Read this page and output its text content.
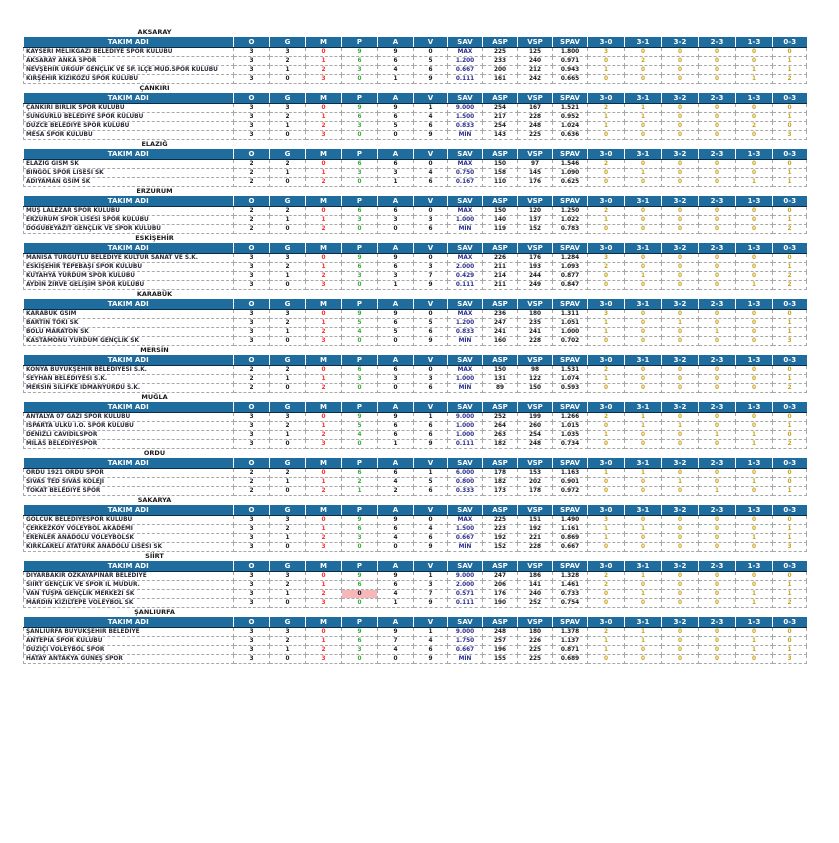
AKSARAY
TAKIM ADI	O	G	M	P	A	V	SAV	ASP	VSP	SPAV	3-0	3-1	3-2	2-3	1-3	0-3
KAYSERİ MELİKGAZİ BELEDİYE SPOR KULÜBÜ	3	3	0	9	9	0	MAX	225	125	1.800	3	0	0	0	0	0
AKSARAY ANKA SPOR	3	2	1	6	6	5	1.200	233	240	0.971	0	2	0	0	0	1
NEVŞEHİR ÜRGÜP GENÇLİK VE SP. İLÇE MÜD.SPOR KULÜBÜ	3	1	2	3	4	6	0.667	200	212	0.943	1	0	0	0	1	1
KIRŞEHİR KIZIKÖZÜ SPOR KULÜBÜ	3	0	3	0	1	9	0.111	161	242	0.665	0	0	0	0	1	2
ÇANKIRI
TAKIM ADI	O	G	M	P	A	V	SAV	ASP	VSP	SPAV	3-0	3-1	3-2	2-3	1-3	0-3
ÇANKIRI BİRLİK SPOR KULÜBÜ	3	3	0	9	9	1	9.000	254	167	1.521	2	1	0	0	0	0
SUNGURLU BELEDİYE SPOR KULÜBÜ	3	2	1	6	6	4	1.500	217	228	0.952	1	1	0	0	0	1
DÜZCE BELEDİYE SPOR KULÜBÜ	3	1	2	3	5	6	0.833	254	248	1.024	1	0	0	0	2	0
MESA SPOR KULÜBÜ	3	0	3	0	0	9	MIN	143	225	0.636	0	0	0	0	0	3
ELAZIĞ
TAKIM ADI	O	G	M	P	A	V	SAV	ASP	VSP	SPAV	3-0	3-1	3-2	2-3	1-3	0-3
ELAZIĞ GİSM SK	2	2	0	6	6	0	MAX	150	97	1.546	2	0	0	0	0	0
BİNGÖL SPOR LİSESİ SK	2	1	1	3	3	4	0.750	158	145	1.090	0	1	0	0	0	1
ADIYAMAN GSİM SK	2	0	2	0	1	6	0.167	110	176	0.625	0	0	0	0	1	1
ERZURUM
TAKIM ADI	O	G	M	P	A	V	SAV	ASP	VSP	SPAV	3-0	3-1	3-2	2-3	1-3	0-3
MUŞ LALEZAR SPOR KULÜBÜ	2	2	0	6	6	0	MAX	150	120	1.250	2	0	0	0	0	0
ERZURUM SPOR LİSESİ SPOR KULÜBÜ	2	1	1	3	3	3	1.000	140	137	1.022	1	0	0	0	0	1
DOĞUBEYAZIT GENÇLİK VE SPOR KULÜBÜ	2	0	2	0	0	6	MIN	119	152	0.783	0	0	0	0	0	2
ESKİŞEHİR
TAKIM ADI	O	G	M	P	A	V	SAV	ASP	VSP	SPAV	3-0	3-1	3-2	2-3	1-3	0-3
MANİSA TURGUTLU BELEDİYE KÜLTÜR SANAT VE S.K.	3	3	0	9	9	0	MAX	226	176	1.284	3	0	0	0	0	0
ESKİŞEHİR TEPEBAŞI SPOR KULÜBÜ	3	2	1	6	6	3	2.000	211	193	1.093	2	0	0	0	0	1
KÜTAHYA YURDUM SPOR KULÜBÜ	3	1	2	3	3	7	0.429	214	244	0.877	0	1	0	0	0	2
AYDIN ZİRVE GELİŞİM SPOR KULÜBÜ	3	0	3	0	1	9	0.111	211	249	0.847	0	0	0	0	1	2
KARABÜK
TAKIM ADI	O	G	M	P	A	V	SAV	ASP	VSP	SPAV	3-0	3-1	3-2	2-3	1-3	0-3
KARABÜK GSİM	3	3	0	9	9	0	MAX	236	180	1.311	3	0	0	0	0	0
BARTIN TOKİ SK	3	2	1	5	6	5	1.200	247	235	1.051	1	0	1	0	0	1
BOLU MARATON SK	3	1	2	4	5	6	0.833	241	241	1.000	1	0	0	1	0	1
KASTAMONU YURDUM GENÇLİK SK	3	0	3	0	0	9	MIN	160	228	0.702	0	0	0	0	0	3
MERSİN
TAKIM ADI	O	G	M	P	A	V	SAV	ASP	VSP	SPAV	3-0	3-1	3-2	2-3	1-3	0-3
KONYA BÜYÜKŞEHİR BELEDİYESİ S.K.	2	2	0	6	6	0	MAX	150	98	1.531	2	0	0	0	0	0
SEYHAN BELEDİYESİ S.K.	2	1	1	3	3	3	1.000	131	122	1.074	1	0	0	0	0	1
MERSİN SİLİFKE İDMANYURDU S.K.	2	0	2	0	0	6	MIN	89	150	0.593	0	0	0	0	0	2
MUĞLA
TAKIM ADI	O	G	M	P	A	V	SAV	ASP	VSP	SPAV	3-0	3-1	3-2	2-3	1-3	0-3
ANTALYA 07 GAZİ SPOR KULÜBÜ	3	3	0	9	9	1	9.000	252	199	1.266	2	1	0	0	0	0
ISPARTA ÜLKÜ İ.Ö. SPOR KULÜBÜ	3	2	1	5	6	6	1.000	264	260	1.015	0	1	1	0	0	1
DENİZLİ CAVİDİLSPOR	3	1	2	4	6	6	1.000	263	254	1.035	1	0	0	1	1	0
MİLAS BELEDİYESPOR	3	0	3	0	1	9	0.111	182	248	0.734	0	0	0	0	1	2
ORDU
TAKIM ADI	O	G	M	P	A	V	SAV	ASP	VSP	SPAV	3-0	3-1	3-2	2-3	1-3	0-3
ORDU 1921 ORDU SPOR	2	2	0	6	6	1	6.000	178	153	1.163	1	1	0	0	0	0
SİVAS TED SİVAS KOLEJİ	2	1	1	2	4	5	0.800	182	202	0.901	0	0	1	0	1	0
TOKAT BELEDİYE SPOR	2	0	2	1	2	6	0.333	173	178	0.972	0	0	0	1	0	1
SAKARYA
TAKIM ADI	O	G	M	P	A	V	SAV	ASP	VSP	SPAV	3-0	3-1	3-2	2-3	1-3	0-3
GÖLCÜK BELEDİYESPOR KULÜBÜ	3	3	0	9	9	0	MAX	225	151	1.490	3	0	0	0	0	0
ÇERKEZKÖY VOLEYBOL AKADEMİ	3	2	1	6	6	4	1.500	223	192	1.161	1	1	0	0	0	1
ERENLER ANADOLU VOLEYBOLSK	3	1	2	3	4	6	0.667	192	221	0.869	1	0	0	0	1	1
KIRKLARELİ ATATÜRK ANADOLU LİSESİ SK	3	0	3	0	0	9	MIN	152	228	0.667	0	0	0	0	0	3
SİİRT
TAKIM ADI	O	G	M	P	A	V	SAV	ASP	VSP	SPAV	3-0	3-1	3-2	2-3	1-3	0-3
DİYARBAKIR ÖZKAYAPINAR BELEDİYE	3	3	0	9	9	1	9.000	247	186	1.328	2	1	0	0	0	0
SİİRT GENÇLİK VE SPOR İL MÜDÜR.	3	2	1	6	6	3	2.000	206	141	1.461	2	0	0	0	0	1
VAN TUŞPA GENÇLİK MERKEZİ SK	3	1	2	0	4	7	0.571	176	240	0.733	0	1	0	0	1	1
MARDİN KIZILTEPE VOLEYBOL SK	3	0	3	0	1	9	0.111	190	252	0.754	0	0	0	0	1	2
ŞANLIURFA
TAKIM ADI	O	G	M	P	A	V	SAV	ASP	VSP	SPAV	3-0	3-1	3-2	2-3	1-3	0-3
ŞANLIURFA BÜYÜKŞEHİR BELEDİYE	3	3	0	9	9	1	9.000	248	180	1.378	2	1	0	0	0	0
ANTEPİA SPOR KULUBÜ	3	2	1	6	7	4	1.750	257	226	1.137	1	1	0	0	1	0
DÜZİÇİ VOLEYBOL SPOR	3	1	2	3	4	6	0.667	196	225	0.871	1	0	0	0	1	1
HATAY ANTAKYA GÜNEŞ SPOR	3	0	3	0	0	9	MIN	155	225	0.689	0	0	0	0	0	3
